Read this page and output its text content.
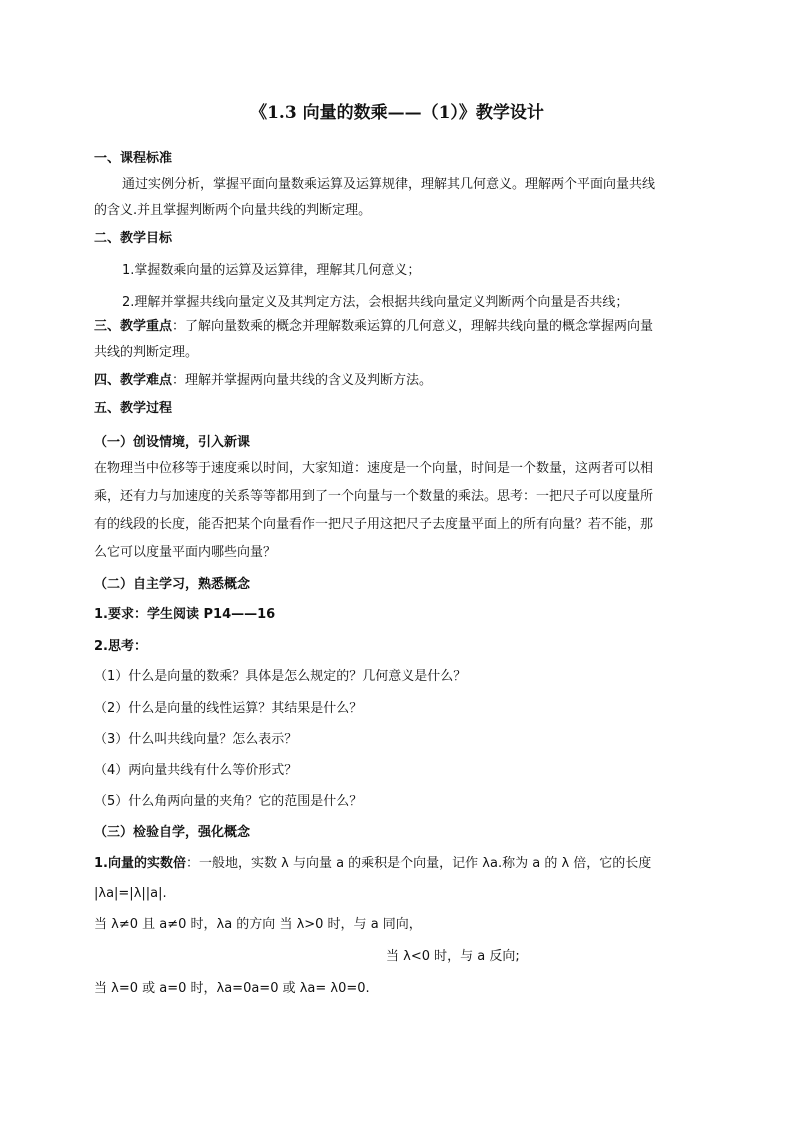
《1.3 向量的数乘——（1）》教学设计
一、课程标准
通过实例分析，掌握平面向量数乘运算及运算规律，理解其几何意义。理解两个平面向量共线
的含义.并且掌握判断两个向量共线的判断定理。
二、教学目标
1.掌握数乘向量的运算及运算律，理解其几何意义；
2.理解并掌握共线向量定义及其判定方法，会根据共线向量定义判断两个向量是否共线；
三、教学重点：了解向量数乘的概念并理解数乘运算的几何意义，理解共线向量的概念掌握两向量
共线的判断定理。
四、教学难点：理解并掌握两向量共线的含义及判断方法。
五、教学过程
（一）创设情境，引入新课
在物理当中位移等于速度乘以时间，大家知道：速度是一个向量，时间是一个数量，这两者可以相
乘，还有力与加速度的关系等等都用到了一个向量与一个数量的乘法。思考：一把尺子可以度量所
有的线段的长度，能否把某个向量看作一把尺子用这把尺子去度量平面上的所有向量？若不能，那
么它可以度量平面内哪些向量？
（二）自主学习，熟悉概念
1.要求：学生阅读 P14——16
2.思考：
（1）什么是向量的数乘？具体是怎么规定的？几何意义是什么？
（2）什么是向量的线性运算？其结果是什么？
（3）什么叫共线向量？怎么表示？
（4）两向量共线有什么等价形式？
（5）什么角两向量的夹角？它的范围是什么？
（三）检验自学，强化概念
1.向量的实数倍：一般地，实数 λ 与向量 a 的乘积是个向量，记作 λa.称为 a 的 λ 倍，它的长度
|λa|=|λ||a|.
当 λ≠0 且 a≠0 时，λa 的方向 当 λ>0 时，与 a 同向，
当 λ<0 时，与 a 反向;
当 λ=0 或 a=0 时，λa=0a=0 或 λa= λ0=0.
